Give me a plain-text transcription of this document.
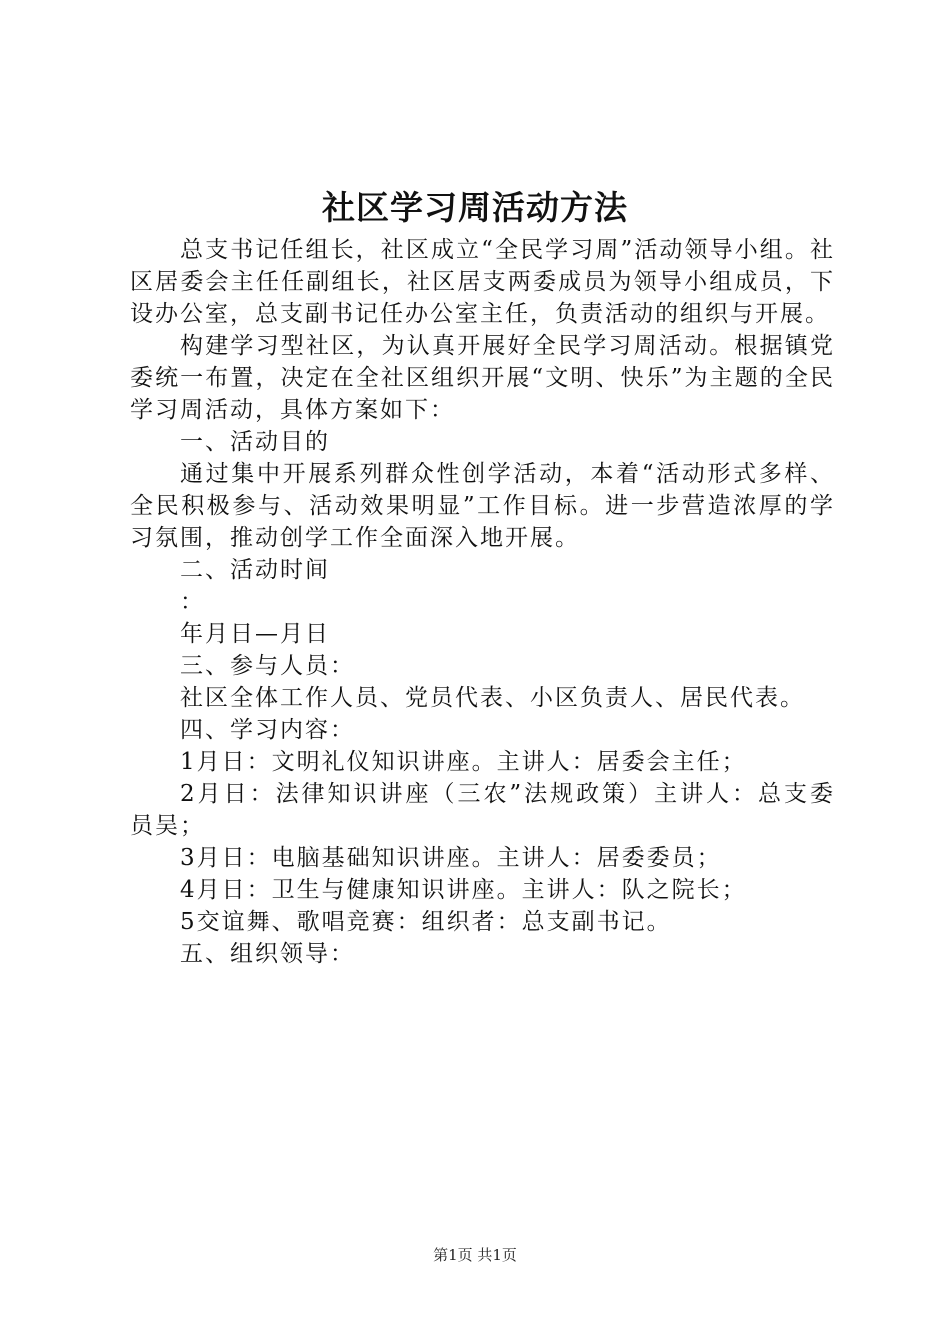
社区学习周活动方法

总支书记任组长，社区成立“全民学习周”活动领导小组。社区居委会主任任副组长，社区居支两委成员为领导小组成员，下设办公室，总支副书记任办公室主任，负责活动的组织与开展。

构建学习型社区，为认真开展好全民学习周活动。根据镇党委统一布置，决定在全社区组织开展“文明、快乐”为主题的全民学习周活动，具体方案如下：

一、活动目的

通过集中开展系列群众性创学活动，本着“活动形式多样、全民积极参与、活动效果明显”工作目标。进一步营造浓厚的学习氛围，推动创学工作全面深入地开展。

二、活动时间

：

年月日—月日

三、参与人员：

社区全体工作人员、党员代表、小区负责人、居民代表。

四、学习内容：

1月日：文明礼仪知识讲座。主讲人：居委会主任；

2月日：法律知识讲座（三农”法规政策）主讲人：总支委员吴；

3月日：电脑基础知识讲座。主讲人：居委委员；

4月日：卫生与健康知识讲座。主讲人：队之院长；

5交谊舞、歌唱竞赛：组织者：总支副书记。

五、组织领导：

第1页 共1页
